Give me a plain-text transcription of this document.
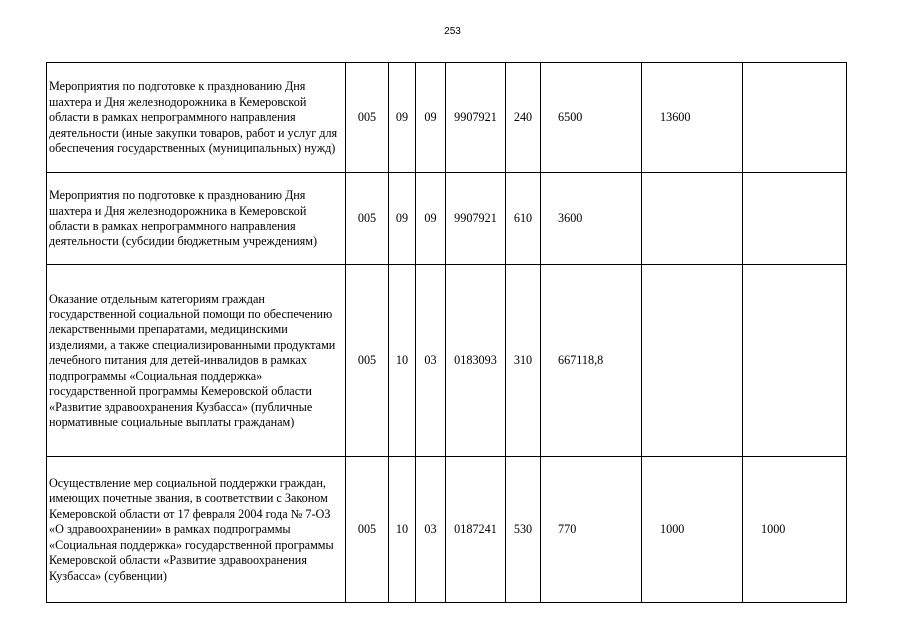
253
Мероприятия по подготовке к празднованию Дня шахтера и Дня железнодорожника в Кемеровской области в рамках непрограммного направления деятельности (иные закупки товаров, работ и услуг для обеспечения государственных (муниципальных) нужд)	005	09	09	9907921	240	6500	13600	
Мероприятия по подготовке к празднованию Дня шахтера и Дня железнодорожника в Кемеровской области в рамках непрограммного направления деятельности (субсидии бюджетным учреждениям)	005	09	09	9907921	610	3600		
Оказание отдельным категориям граждан государственной социальной помощи по обеспечению лекарственными препаратами, медицинскими изделиями, а также специализированными продуктами лечебного питания для детей-инвалидов в рамках подпрограммы «Социальная поддержка» государственной программы Кемеровской области «Развитие здравоохранения Кузбасса» (публичные нормативные социальные выплаты гражданам)	005	10	03	0183093	310	667118,8		
Осуществление мер социальной поддержки граждан, имеющих почетные звания, в соответствии с Законом Кемеровской области от 17 февраля 2004 года № 7-ОЗ «О здравоохранении» в рамках подпрограммы «Социальная поддержка» государственной программы Кемеровской области «Развитие здравоохранения Кузбасса» (субвенции)	005	10	03	0187241	530	770	1000	1000
